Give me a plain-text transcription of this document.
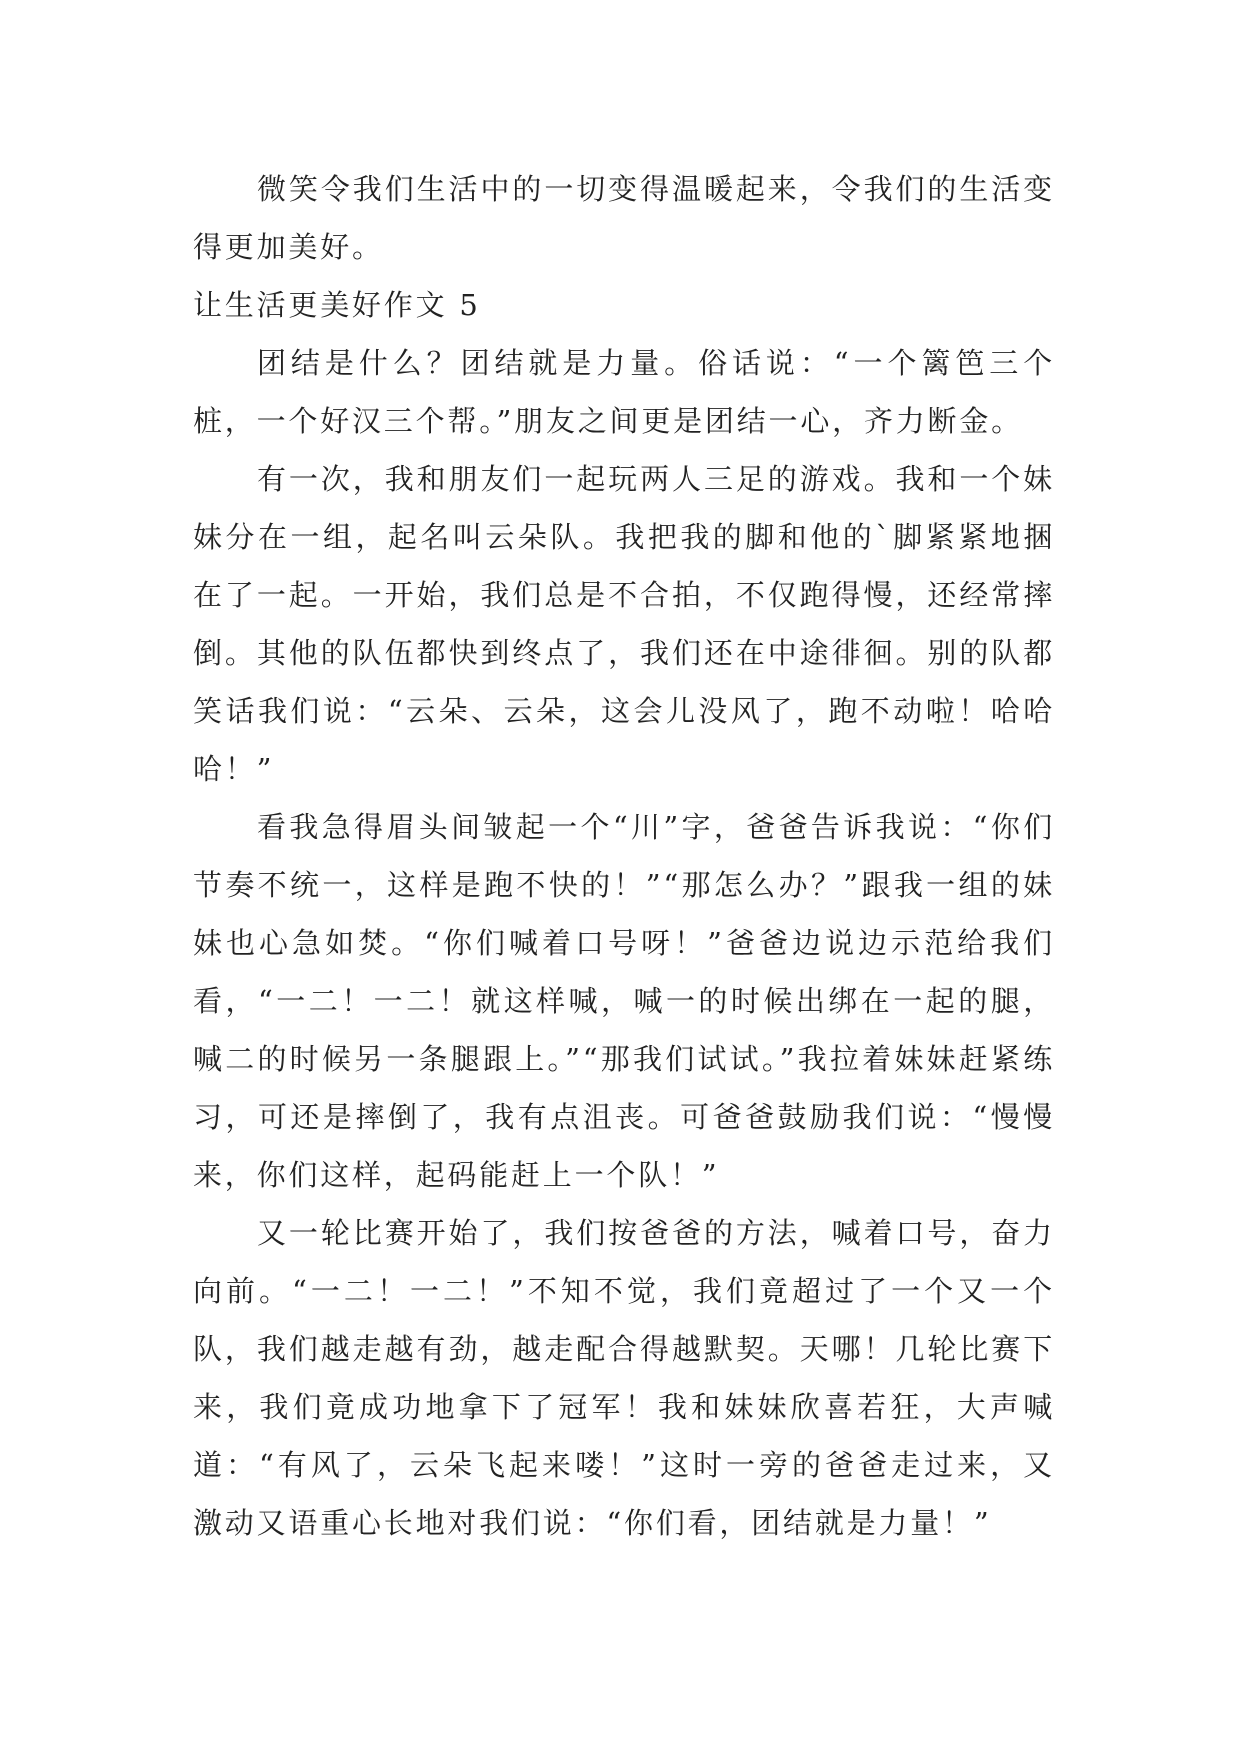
微笑令我们生活中的一切变得温暖起来，令我们的生活变得更加美好。

让生活更美好作文 5

团结是什么？团结就是力量。俗话说：“一个篱笆三个桩，一个好汉三个帮。”朋友之间更是团结一心，齐力断金。

有一次，我和朋友们一起玩两人三足的游戏。我和一个妹妹分在一组，起名叫云朵队。我把我的脚和他的`脚紧紧地捆在了一起。一开始，我们总是不合拍，不仅跑得慢，还经常摔倒。其他的队伍都快到终点了，我们还在中途徘徊。别的队都笑话我们说：“云朵、云朵，这会儿没风了，跑不动啦！哈哈哈！”

看我急得眉头间皱起一个“川”字，爸爸告诉我说：“你们节奏不统一，这样是跑不快的！”“那怎么办？”跟我一组的妹妹也心急如焚。“你们喊着口号呀！”爸爸边说边示范给我们看，“一二！一二！就这样喊，喊一的时候出绑在一起的腿，喊二的时候另一条腿跟上。”“那我们试试。”我拉着妹妹赶紧练习，可还是摔倒了，我有点沮丧。可爸爸鼓励我们说：“慢慢来，你们这样，起码能赶上一个队！”

又一轮比赛开始了，我们按爸爸的方法，喊着口号，奋力向前。“一二！一二！”不知不觉，我们竟超过了一个又一个队，我们越走越有劲，越走配合得越默契。天哪！几轮比赛下来，我们竟成功地拿下了冠军！我和妹妹欣喜若狂，大声喊道：“有风了，云朵飞起来喽！”这时一旁的爸爸走过来，又激动又语重心长地对我们说：“你们看，团结就是力量！”
